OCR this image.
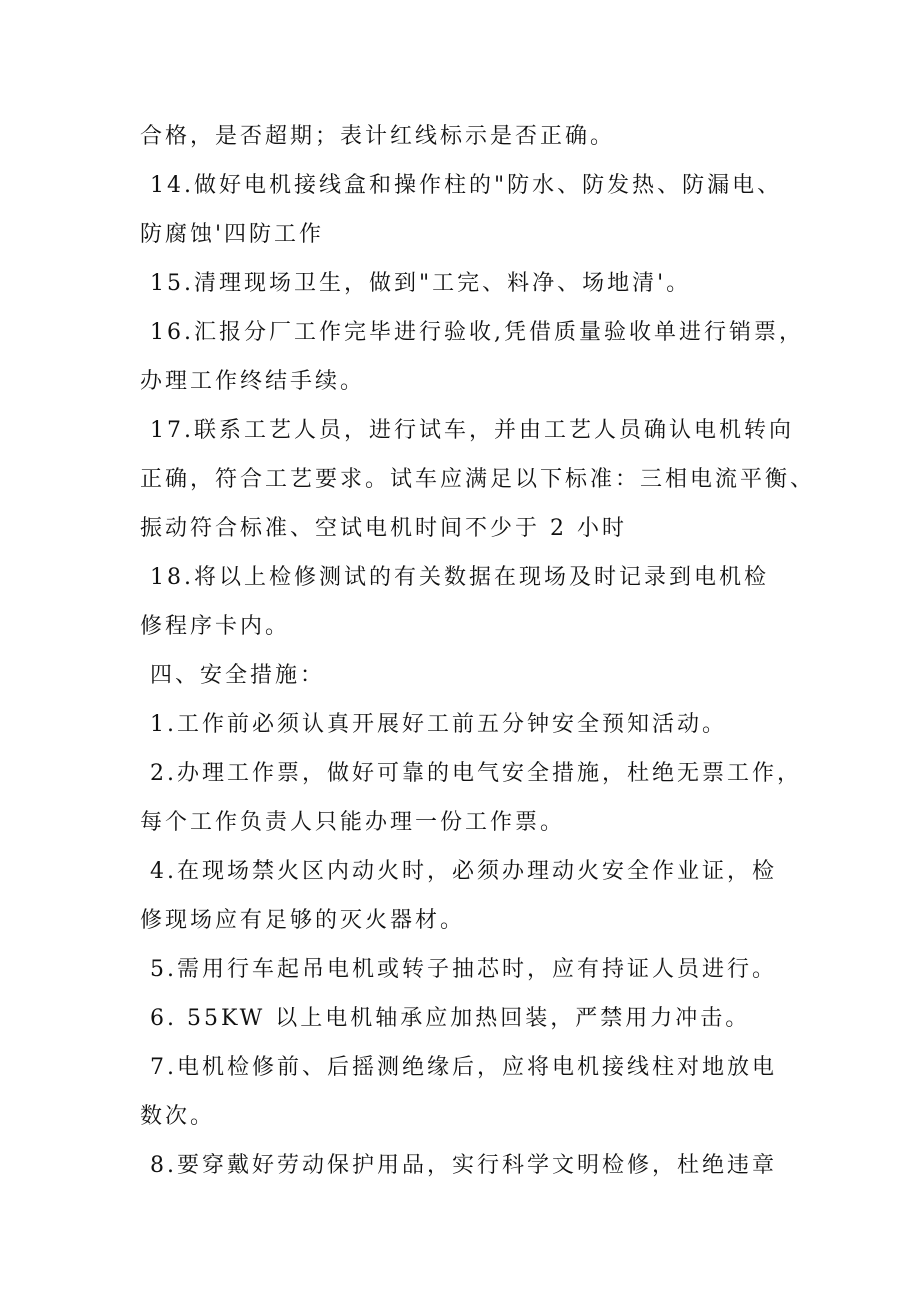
合格，是否超期；表计红线标示是否正确。
14.做好电机接线盒和操作柱的"防水、防发热、防漏电、
防腐蚀'四防工作
15.清理现场卫生，做到"工完、料净、场地清'。
16.汇报分厂工作完毕进行验收,凭借质量验收单进行销票，
办理工作终结手续。
17.联系工艺人员，进行试车，并由工艺人员确认电机转向
正确，符合工艺要求。试车应满足以下标准：三相电流平衡、
振动符合标准、空试电机时间不少于 2 小时
18.将以上检修测试的有关数据在现场及时记录到电机检
修程序卡内。
四、安全措施：
1.工作前必须认真开展好工前五分钟安全预知活动。
2.办理工作票，做好可靠的电气安全措施，杜绝无票工作，
每个工作负责人只能办理一份工作票。
4.在现场禁火区内动火时，必须办理动火安全作业证，检
修现场应有足够的灭火器材。
5.需用行车起吊电机或转子抽芯时，应有持证人员进行。
6. 55KW 以上电机轴承应加热回装，严禁用力冲击。
7.电机检修前、后摇测绝缘后，应将电机接线柱对地放电
数次。
8.要穿戴好劳动保护用品，实行科学文明检修，杜绝违章
